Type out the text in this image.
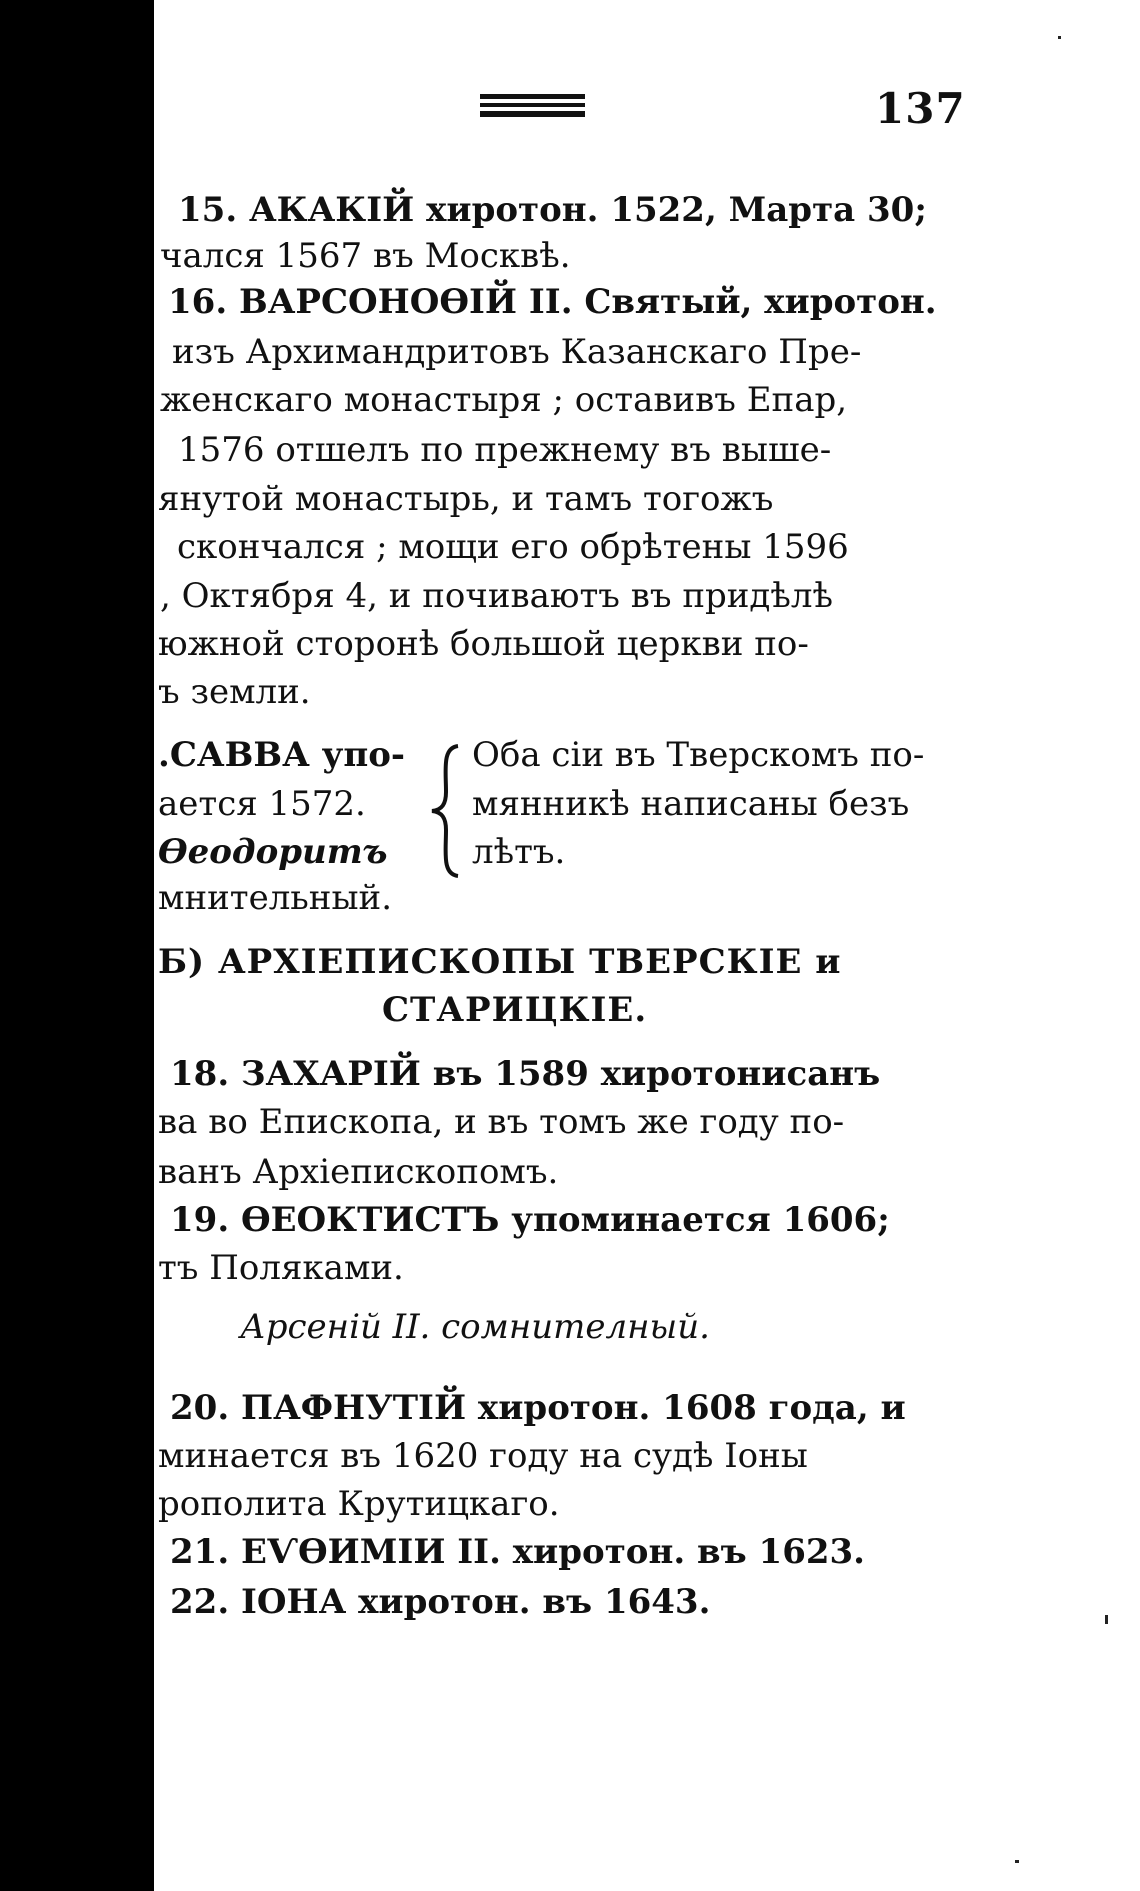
137
15. АКАКІЙ хиротон. 1522, Марта 30;
чался 1567 въ Москвѣ.
16. ВАРСОНОѲІЙ II. Святый, хиротон.
изъ Архимандритовъ Казанскаго Пре-
женскаго монастыря ; оставивъ Епар,
1576 отшелъ по прежнему въ выше-
янутой монастырь, и тамъ тогожъ
скончался ; мощи его обрѣтены 1596
, Октября 4, и почиваютъ въ придѣлѣ
южной сторонѣ большой церкви по-
ъ земли.
.САВВА упо-
ается 1572.
Ѳеодоритъ
мнительный.
Оба сіи въ Тверскомъ по-
мянникѣ написаны безъ
лѣтъ.
Б) АРХІЕПИСКОПЫ ТВЕРСКІЕ и
СТАРИЦКІЕ.
18. ЗАХАРІЙ въ 1589 хиротонисанъ
ва во Епископа, и въ томъ же году по-
ванъ Архіепископомъ.
19. ѲЕОКТИСТЪ упоминается 1606;
тъ Поляками.
Арсеній II. сомнителный.
20. ПАФНУТІЙ хиротон. 1608 года, и
минается въ 1620 году на судѣ Іоны
рополита Крутицкаго.
21. ЕѴѲИМІИ II. хиротон. въ 1623.
22. ІОНА хиротон. въ 1643.
